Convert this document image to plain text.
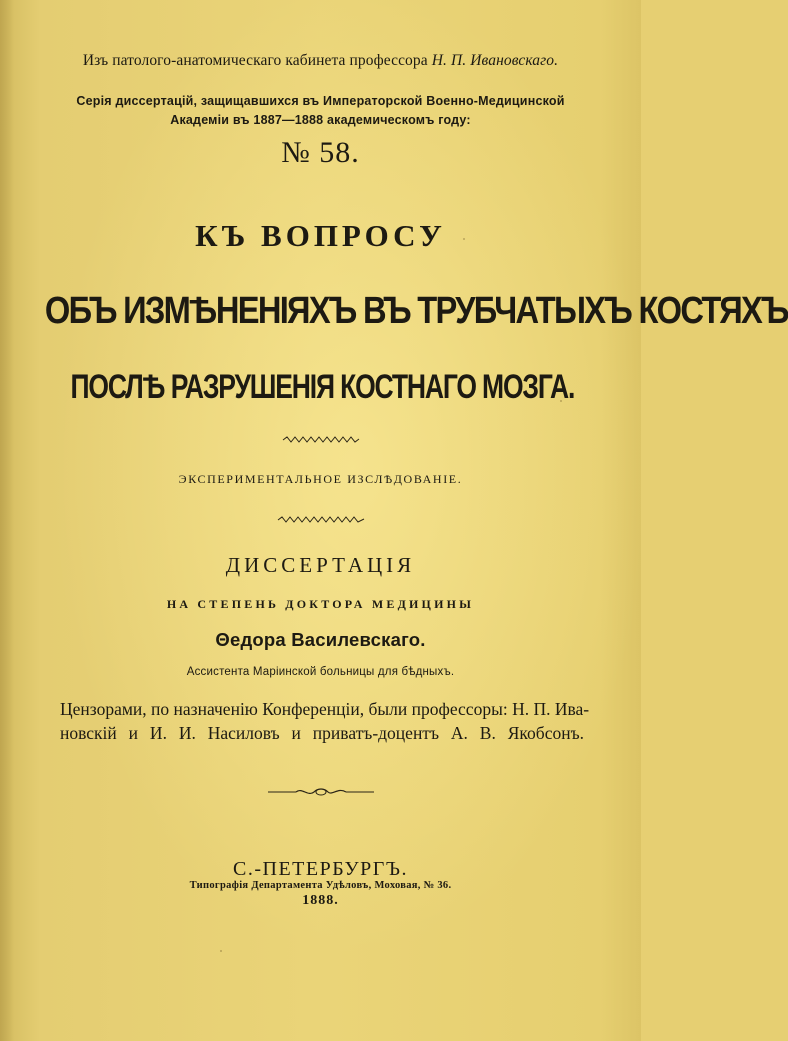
Изъ патолого-анатомическаго кабинета профессора Н. П. Ивановскаго.
Серія диссертацій, защищавшихся въ Императорской Военно-Медицинской
Академіи въ 1887—1888 академическомъ году:
№ 58.
КЪ ВОПРОСУ
ОБЪ ИЗМѢНЕНІЯХЪ ВЪ ТРУБЧАТЫХЪ КОСТЯХЪ
ПОСЛѢ РАЗРУШЕНІЯ КОСТНАГО МОЗГА.
ЭКСПЕРИМЕНТАЛЬНОЕ ИЗСЛѢДОВАНІЕ.
ДИССЕРТАЦІЯ
НА СТЕПЕНЬ ДОКТОРА МЕДИЦИНЫ
Θедора Василевскаго.
Ассистента Маріинской больницы для бѣдныхъ.
Цензорами, по назначенію Конференціи, были профессоры: Н. П. Ива-
новскій и И. И. Насиловъ и приватъ-доцентъ А. В. Якобсонъ.
С.-ПЕТЕРБУРГЪ.
Типографія Департамента Удѣловъ, Моховая, № 36.
1888.
